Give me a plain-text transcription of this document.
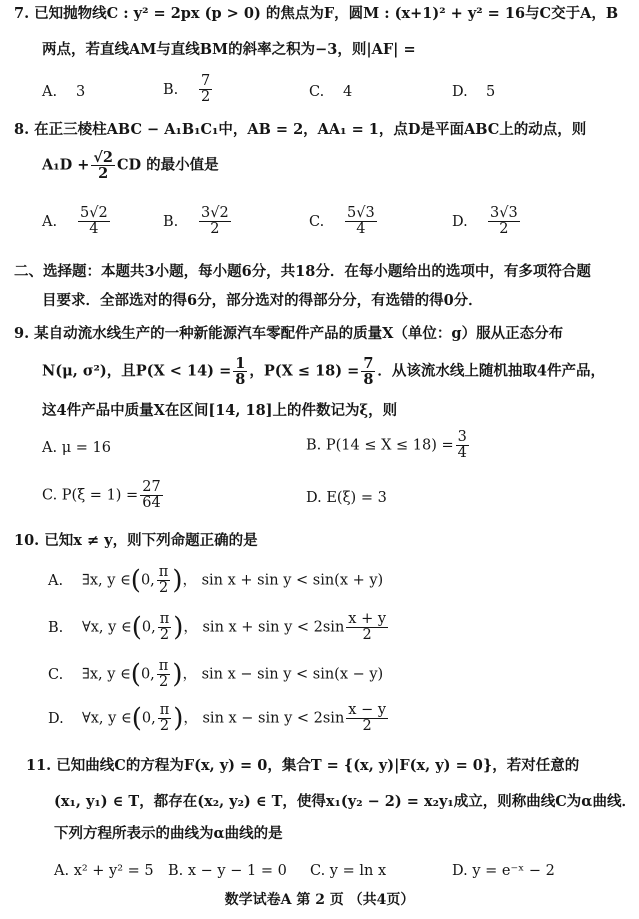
7. 已知抛物线C : y² = 2px (p > 0) 的焦点为F，圆M : (x+1)² + y² = 16与C交于A，B
两点，若直线AM与直线BM的斜率之积为−3，则|AF| =
A. 3	B. $\frac{7}{2}$	C. 4	D. 5
8. 在正三棱柱ABC − A₁B₁C₁中，AB = 2，AA₁ = 1，点D是平面ABC上的动点，则
$A_1D + \frac{√2}{2}$ CD 的最小值是
A. $\frac{5√2}{4}$	B. $\frac{3√2}{2}$	C. $\frac{5√3}{4}$	D. $\frac{3√3}{2}$
二、选择题：本题共3小题，每小题6分，共18分．在每小题给出的选项中，有多项符合题
目要求．全部选对的得6分，部分选对的得部分分，有选错的得0分．
9. 某自动流水线生产的一种新能源汽车零配件产品的质量X（单位：g）服从正态分布
N(μ, σ²)，且$P(X < 14) = \frac{1}{8}$ ，$P(X \le 18) = \frac{7}{8}$ ．从该流水线上随机抽取4件产品，
这4件产品中质量X在区间[14, 18]上的件数记为ξ，则
A. μ = 16	B. $P(14 \le X \le 18) = \frac{3}{4}$
C. $P(\xi = 1) = \frac{27}{64}$	D. E(ξ) = 3
10. 已知x ≠ y，则下列命题正确的是
A. ∃x, y ∈(0, $\frac{\pi}{2}$ )， sin x + sin y < sin(x + y)
B. ∀x, y ∈(0, $\frac{\pi}{2}$ )， $\sin x + \sin y < 2\sin \frac{x + y}{2}$
C. ∃x, y ∈(0, $\frac{\pi}{2}$ )， sin x − sin y < sin(x − y)
D. ∀x, y ∈(0, $\frac{\pi}{2}$ )， $\sin x - \sin y < 2\sin \frac{x - y}{2}$
11. 已知曲线C的方程为F(x, y) = 0，集合T = {(x, y)|F(x, y) = 0}，若对任意的
(x₁, y₁) ∈ T，都存在(x₂, y₂) ∈ T，使得x₁(y₂ − 2) = x₂y₁成立，则称曲线C为α曲线．
下列方程所表示的曲线为α曲线的是
A. x² + y² = 5 B. x − y − 1 = 0 C. y = ln x	D. y = e⁻ˣ − 2
数学试卷A 第 2 页 （共4页）
